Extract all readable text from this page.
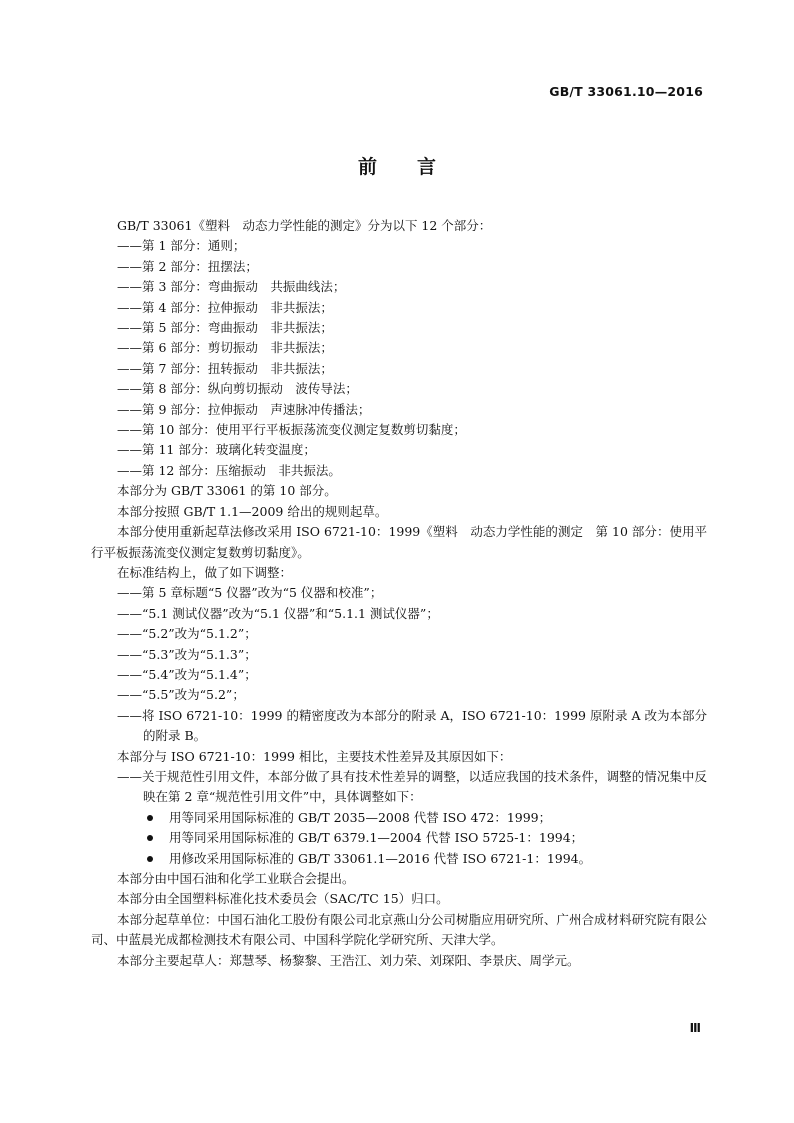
GB/T 33061.10—2016
前言

GB/T 33061《塑料　动态力学性能的测定》分为以下 12 个部分：

——第 1 部分：通则；

——第 2 部分：扭摆法；

——第 3 部分：弯曲振动　共振曲线法；

——第 4 部分：拉伸振动　非共振法；

——第 5 部分：弯曲振动　非共振法；

——第 6 部分：剪切振动　非共振法；

——第 7 部分：扭转振动　非共振法；

——第 8 部分：纵向剪切振动　波传导法；

——第 9 部分：拉伸振动　声速脉冲传播法；

——第 10 部分：使用平行平板振荡流变仪测定复数剪切黏度；

——第 11 部分：玻璃化转变温度；

——第 12 部分：压缩振动　非共振法。

本部分为 GB/T 33061 的第 10 部分。

本部分按照 GB/T 1.1—2009 给出的规则起草。

本部分使用重新起草法修改采用 ISO 6721-10：1999《塑料　动态力学性能的测定　第 10 部分：使用平行平板振荡流变仪测定复数剪切黏度》。

在标准结构上，做了如下调整：

——第 5 章标题“5 仪器”改为“5 仪器和校准”；

——“5.1 测试仪器”改为“5.1 仪器”和“5.1.1 测试仪器”；

——“5.2”改为“5.1.2”；

——“5.3”改为“5.1.3”；

——“5.4”改为“5.1.4”；

——“5.5”改为“5.2”；

——将 ISO 6721-10：1999 的精密度改为本部分的附录 A，ISO 6721-10：1999 原附录 A 改为本部分的附录 B。

本部分与 ISO 6721-10：1999 相比，主要技术性差异及其原因如下：

——关于规范性引用文件，本部分做了具有技术性差异的调整，以适应我国的技术条件，调整的情况集中反映在第 2 章“规范性引用文件”中，具体调整如下：

用等同采用国际标准的 GB/T 2035—2008 代替 ISO 472：1999；
用等同采用国际标准的 GB/T 6379.1—2004 代替 ISO 5725-1：1994；
用修改采用国际标准的 GB/T 33061.1—2016 代替 ISO 6721-1：1994。

本部分由中国石油和化学工业联合会提出。

本部分由全国塑料标准化技术委员会（SAC/TC 15）归口。

本部分起草单位：中国石油化工股份有限公司北京燕山分公司树脂应用研究所、广州合成材料研究院有限公司、中蓝晨光成都检测技术有限公司、中国科学院化学研究所、天津大学。

本部分主要起草人：郑慧琴、杨黎黎、王浩江、刘力荣、刘琛阳、李景庆、周学元。

Ⅲ
